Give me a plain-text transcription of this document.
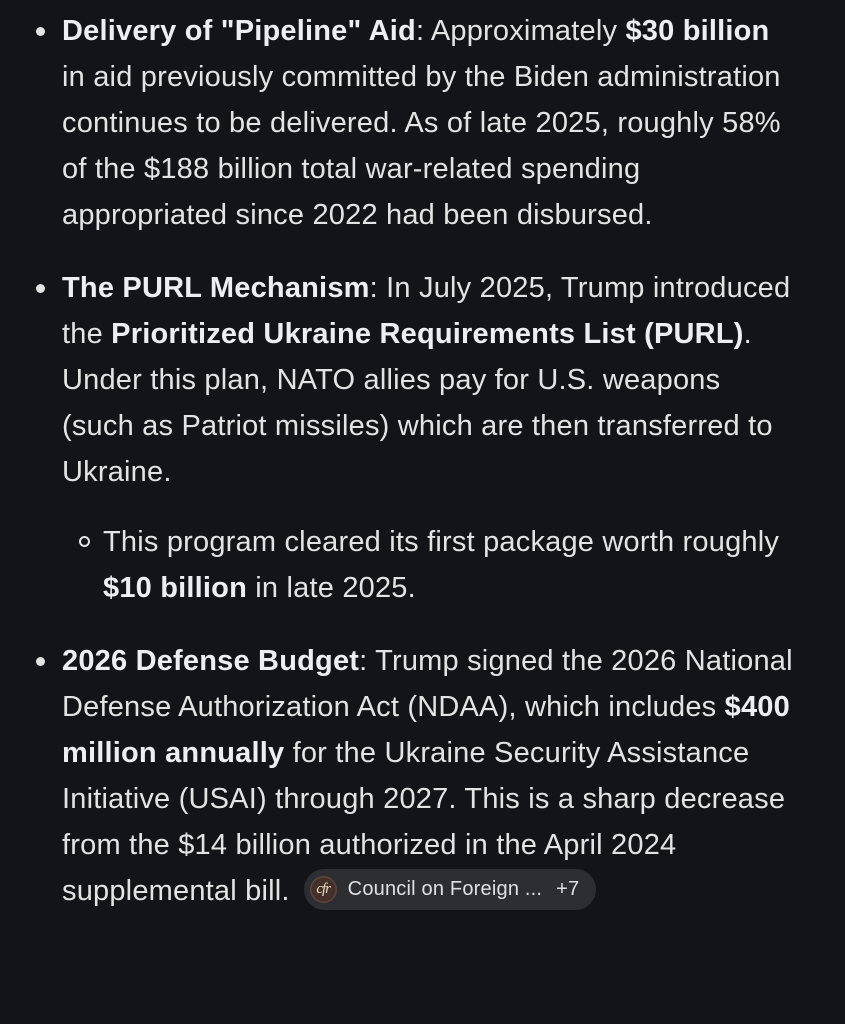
Delivery of "Pipeline" Aid: Approximately $30 billion in aid previously committed by the Biden administration continues to be delivered. As of late 2025, roughly 58% of the $188 billion total war-related spending appropriated since 2022 had been disbursed.
The PURL Mechanism: In July 2025, Trump introduced the Prioritized Ukraine Requirements List (PURL). Under this plan, NATO allies pay for U.S. weapons (such as Patriot missiles) which are then transferred to Ukraine.
This program cleared its first package worth roughly $10 billion in late 2025.
2026 Defense Budget: Trump signed the 2026 National Defense Authorization Act (NDAA), which includes $400 million annually for the Ukraine Security Assistance Initiative (USAI) through 2027. This is a sharp decrease from the $14 billion authorized in the April 2024 supplemental bill. cfr Council on Foreign ... +7
